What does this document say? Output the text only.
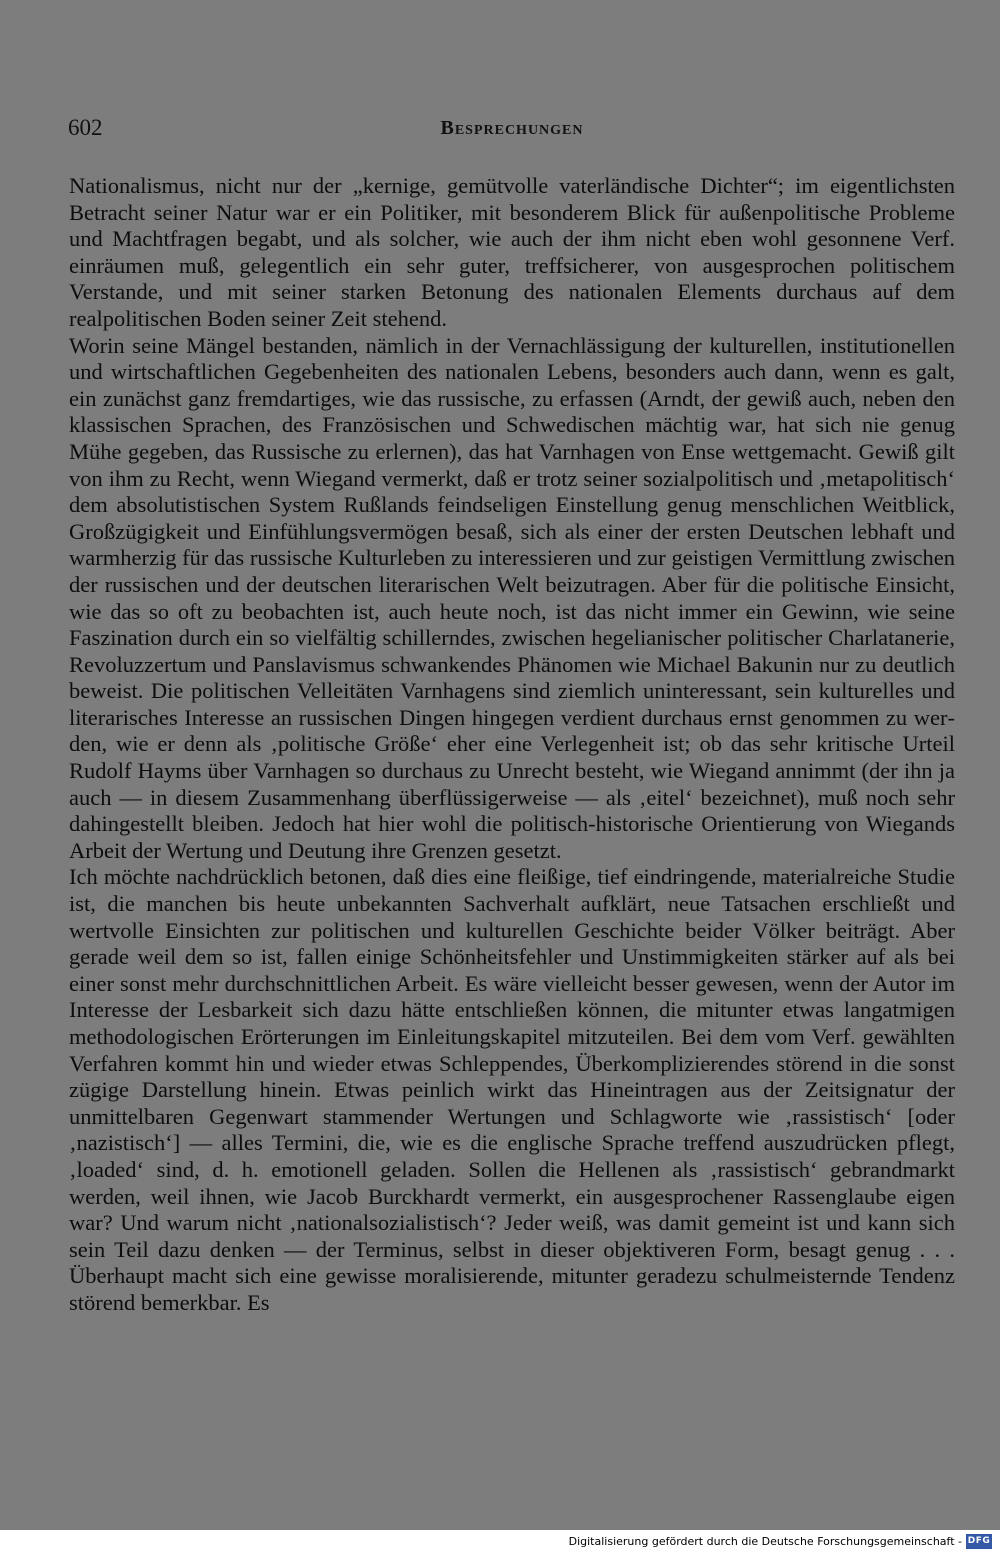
602	Besprechungen

Nationalismus, nicht nur der „kernige, gemütvolle vaterländische Dichter“; im eigentlichsten Betracht seiner Natur war er ein Politiker, mit besonderem Blick für außenpolitische Probleme und Machtfragen begabt, und als solcher, wie auch der ihm nicht eben wohl gesonnene Verf. einräumen muß, gelegentlich ein sehr guter, treffsicherer, von ausgesprochen politischem Verstande, und mit seiner starken Betonung des nationalen Elements durchaus auf dem realpolitischen Boden seiner Zeit stehend.

Worin seine Mängel bestanden, nämlich in der Vernachlässigung der kulturellen, institutionellen und wirtschaftlichen Gegebenheiten des nationalen Lebens, besonders auch dann, wenn es galt, ein zunächst ganz fremdartiges, wie das russische, zu erfassen (Arndt, der gewiß auch, neben den klassischen Sprachen, des Französischen und Schwedischen mächtig war, hat sich nie genug Mühe gegeben, das Russische zu erlernen), das hat Varnhagen von Ense wettgemacht. Gewiß gilt von ihm zu Recht, wenn Wiegand vermerkt, daß er trotz seiner sozialpolitisch und ‚metapolitisch‘ dem absolutistischen System Rußlands feindseligen Einstellung genug menschlichen Weitblick, Großzügigkeit und Einfühlungsvermögen besaß, sich als einer der ersten Deutschen lebhaft und warmherzig für das russische Kulturleben zu interessieren und zur geistigen Vermittlung zwischen der russischen und der deutschen literarischen Welt beizutragen. Aber für die politische Einsicht, wie das so oft zu beobachten ist, auch heute noch, ist das nicht immer ein Gewinn, wie seine Faszination durch ein so vielfältig schillerndes, zwischen hegelianischer politischer Charlatanerie, Revoluzzertum und Panslavismus schwankendes Phänomen wie Michael Bakunin nur zu deutlich beweist. Die politischen Velleitäten Varnhagens sind ziemlich uninteressant, sein kulturelles und literarisches Interesse an russischen Dingen hingegen verdient durchaus ernst genommen zu werden, wie er denn als ‚politische Größe‘ eher eine Verlegenheit ist; ob das sehr kritische Urteil Rudolf Hayms über Varnhagen so durchaus zu Unrecht besteht, wie Wiegand annimmt (der ihn ja auch — in diesem Zusammenhang überflüssigerweise — als ‚eitel‘ bezeichnet), muß noch sehr dahingestellt bleiben. Jedoch hat hier wohl die politisch-historische Orientierung von Wiegands Arbeit der Wertung und Deutung ihre Grenzen gesetzt.

Ich möchte nachdrücklich betonen, daß dies eine fleißige, tief eindringende, materialreiche Studie ist, die manchen bis heute unbekannten Sachverhalt aufklärt, neue Tatsachen erschließt und wertvolle Einsichten zur politischen und kulturellen Geschichte beider Völker beiträgt. Aber gerade weil dem so ist, fallen einige Schönheitsfehler und Unstimmigkeiten stärker auf als bei einer sonst mehr durchschnittlichen Arbeit. Es wäre vielleicht besser gewesen, wenn der Autor im Interesse der Lesbarkeit sich dazu hätte entschließen können, die mitunter etwas langatmigen methodologischen Erörterungen im Einleitungskapitel mitzuteilen. Bei dem vom Verf. gewählten Verfahren kommt hin und wieder etwas Schleppendes, Überkomplizierendes störend in die sonst zügige Darstellung hinein. Etwas peinlich wirkt das Hineintragen aus der Zeitsignatur der unmittelbaren Gegenwart stammender Wertungen und Schlagworte wie ‚rassistisch‘ [oder ‚nazistisch‘] — alles Termini, die, wie es die englische Sprache treffend auszudrücken pflegt, ‚loaded‘ sind, d. h. emotionell geladen. Sollen die Hellenen als ‚rassistisch‘ gebrandmarkt werden, weil ihnen, wie Jacob Burckhardt vermerkt, ein ausgesprochener Rassenglaube eigen war? Und warum nicht ‚nationalsozialistisch‘? Jeder weiß, was damit gemeint ist und kann sich sein Teil dazu denken — der Terminus, selbst in dieser objektiveren Form, besagt genug . . . Überhaupt macht sich eine gewisse moralisierende, mitunter geradezu schulmeisternde Tendenz störend bemerkbar. Es

Digitalisierung gefördert durch die Deutsche Forschungsgemeinschaft - DFG
